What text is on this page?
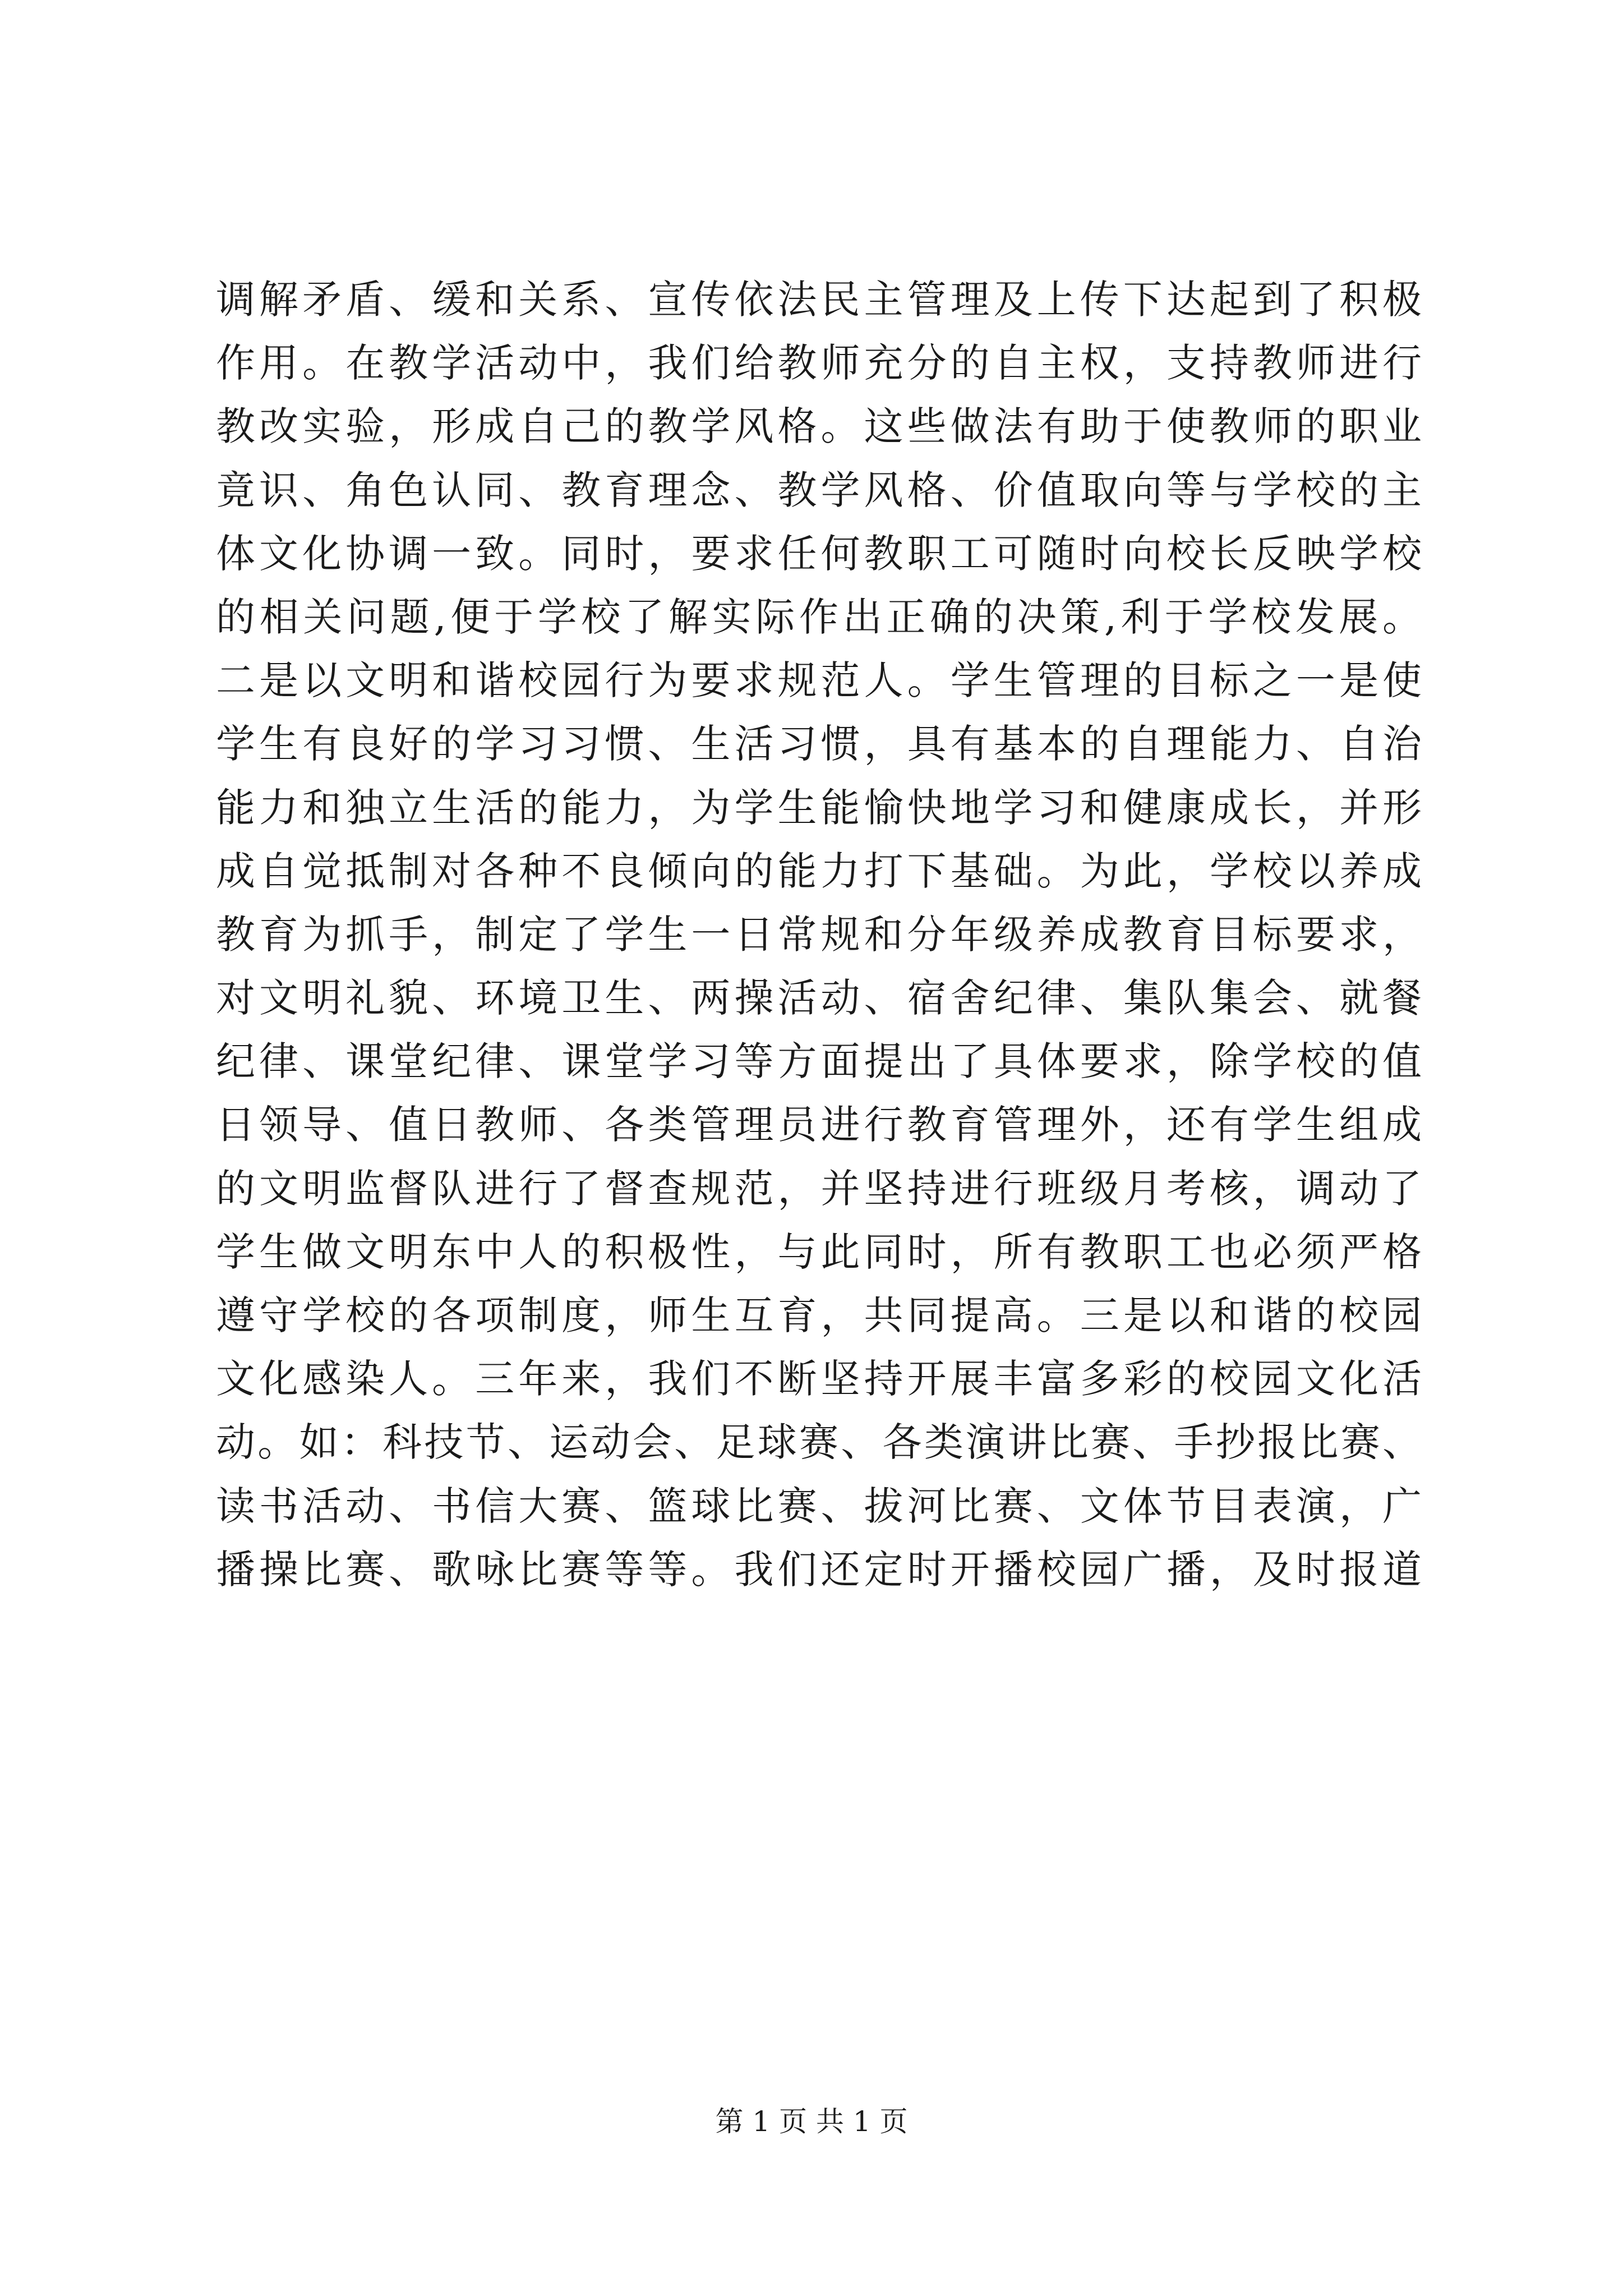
调解矛盾、缓和关系、宣传依法民主管理及上传下达起到了积极
作用。在教学活动中，我们给教师充分的自主权，支持教师进行
教改实验，形成自己的教学风格。这些做法有助于使教师的职业
竟识、角色认同、教育理念、教学风格、价值取向等与学校的主
体文化协调一致。同时，要求任何教职工可随时向校长反映学校
的相关问题,便于学校了解实际作出正确的决策,利于学校发展。
二是以文明和谐校园行为要求规范人。学生管理的目标之一是使
学生有良好的学习习惯、生活习惯，具有基本的自理能力、自治
能力和独立生活的能力，为学生能愉快地学习和健康成长，并形
成自觉抵制对各种不良倾向的能力打下基础。为此，学校以养成
教育为抓手，制定了学生一日常规和分年级养成教育目标要求，
对文明礼貌、环境卫生、两操活动、宿舍纪律、集队集会、就餐
纪律、课堂纪律、课堂学习等方面提出了具体要求，除学校的值
日领导、值日教师、各类管理员进行教育管理外，还有学生组成
的文明监督队进行了督查规范，并坚持进行班级月考核，调动了
学生做文明东中人的积极性，与此同时，所有教职工也必须严格
遵守学校的各项制度，师生互育，共同提高。三是以和谐的校园
文化感染人。三年来，我们不断坚持开展丰富多彩的校园文化活
动。如：科技节、运动会、足球赛、各类演讲比赛、手抄报比赛、
读书活动、书信大赛、篮球比赛、拔河比赛、文体节目表演，广
播操比赛、歌咏比赛等等。我们还定时开播校园广播，及时报道
第 1 页 共 1 页
